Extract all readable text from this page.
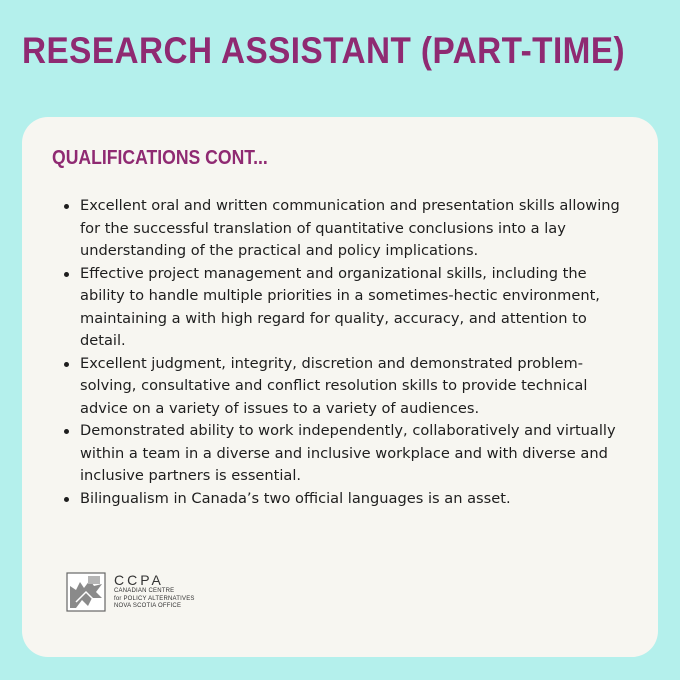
RESEARCH ASSISTANT (PART-TIME)
QUALIFICATIONS CONT...
Excellent oral and written communication and presentation skills allowing for the successful translation of quantitative conclusions into a lay understanding of the practical and policy implications.
Effective project management and organizational skills, including the ability to handle multiple priorities in a sometimes-hectic environment, maintaining a with high regard for quality, accuracy, and attention to detail.
Excellent judgment, integrity, discretion and demonstrated problem-solving, consultative and conflict resolution skills to provide technical advice on a variety of issues to a variety of audiences.
Demonstrated ability to work independently, collaboratively and virtually within a team in a diverse and inclusive workplace and with diverse and inclusive partners is essential.
Bilingualism in Canada’s two official languages is an asset.
CCPA
CANADIAN CENTRE
for POLICY ALTERNATIVES
NOVA SCOTIA OFFICE
